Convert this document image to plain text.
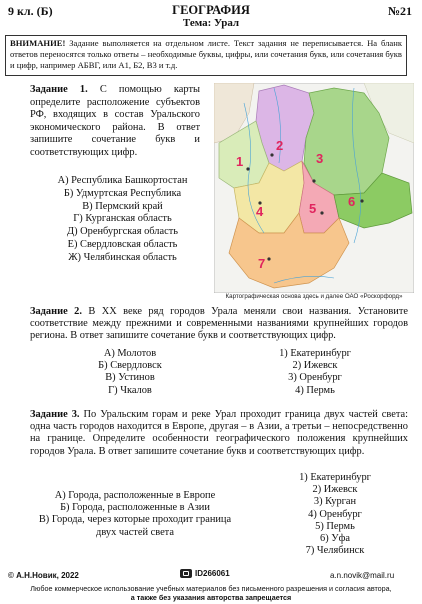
9 кл. (Б)	ГЕОГРАФИЯ
Тема: Урал
№21
ВНИМАНИЕ! Задание выполняется на отдельном листе. Текст задания не переписывается. На бланк ответов переносятся только ответы – необходимые буквы, цифры, или сочетания букв, или сочетания букв и цифр, например АБВГ, или А1, Б2, В3 и т.д.
Задание 1. С помощью карты определите расположение субъектов РФ, входящих в состав Уральского экономического района. В ответ запишите сочетание букв и соответствующих цифр.
А) Республика Башкортостан
Б) Удмуртская Республика
В) Пермский край
Г) Курганская область
Д) Оренбургская область
Е) Свердловская область
Ж) Челябинская область
1
2
3
4	5 6
7
Картографическая основа здесь и далее ОАО «Роскорфорд»
Задание 2. В XX веке ряд городов Урала меняли свои названия. Установите соответствие между прежними и современными названиями крупнейших городов региона. В ответ запишите сочетание букв и соответствующих цифр.
А) Молотов
Б) Свердловск
В) Устинов
Г) Чкалов
1) Екатеринбург
2) Ижевск
3) Оренбург
4) Пермь
Задание 3. По Уральским горам и реке Урал проходит граница двух частей света: одна часть городов находится в Европе, другая – в Азии, а третьи – непосредственно на границе. Определите особенности географического положения крупнейших городов Урала. В ответ запишите сочетание букв и соответствующих цифр.
А) Города, расположенные в Европе
Б) Города, расположенные в Азии
В) Города, через которые проходит граница двух частей света
1) Екатеринбург
2) Ижевск
3) Курган
4) Оренбург
5) Пермь
6) Уфа
7) Челябинск
© А.Н.Новик, 2022	ID266061	a.n.novik@mail.ru
Любое коммерческое использование учебных материалов без письменного разрешения и согласия автора,
а также без указания авторства запрещается
